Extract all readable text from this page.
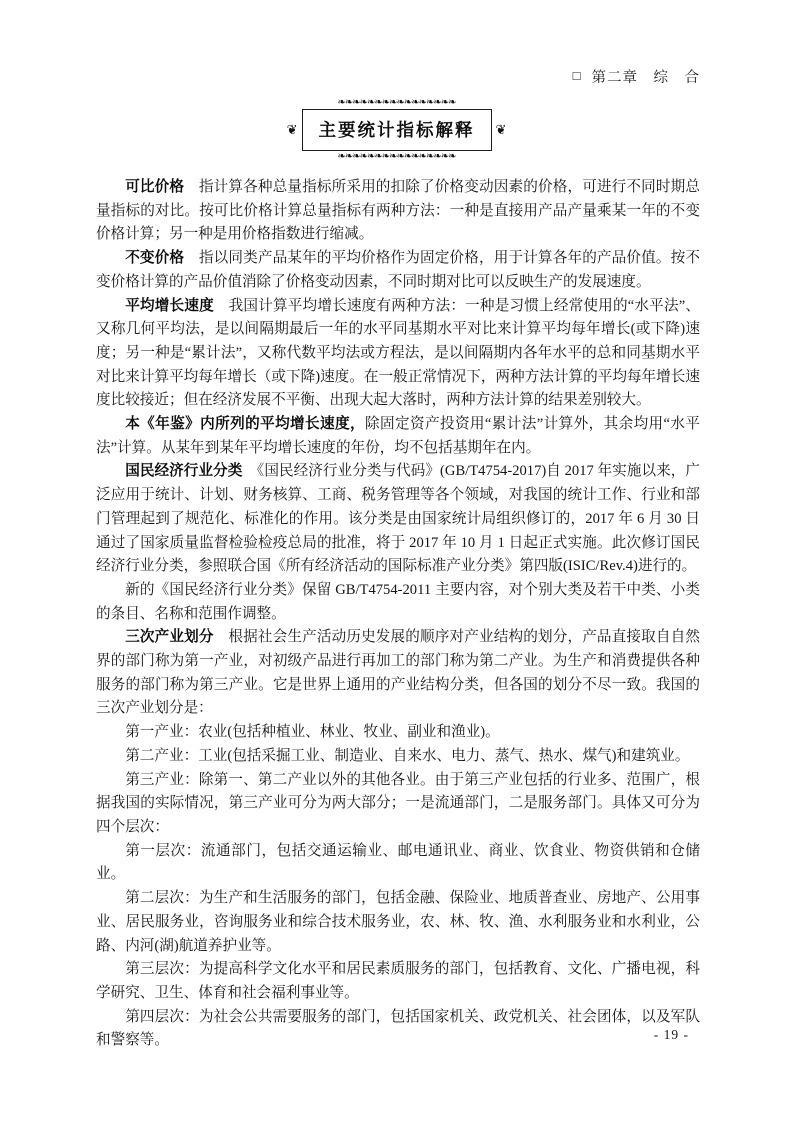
□ 第二章　综　合
❧❧❧❧❧❧❧❧❧❧❧❧❧❧❧❧
❦	主要统计指标解释	❦
❧❧❧❧❧❧❧❧❧❧❧❧❧❧❧❧

可比价格　指计算各种总量指标所采用的扣除了价格变动因素的价格，可进行不同时期总量指标的对比。按可比价格计算总量指标有两种方法：一种是直接用产品产量乘某一年的不变价格计算；另一种是用价格指数进行缩减。

不变价格　指以同类产品某年的平均价格作为固定价格，用于计算各年的产品价值。按不变价格计算的产品价值消除了价格变动因素，不同时期对比可以反映生产的发展速度。

平均增长速度　我国计算平均增长速度有两种方法：一种是习惯上经常使用的“水平法”、又称几何平均法，是以间隔期最后一年的水平同基期水平对比来计算平均每年增长(或下降)速度；另一种是“累计法”，又称代数平均法或方程法，是以间隔期内各年水平的总和同基期水平对比来计算平均每年增长（或下降)速度。在一般正常情况下，两种方法计算的平均每年增长速度比较接近；但在经济发展不平衡、出现大起大落时，两种方法计算的结果差别较大。

本《年鉴》内所列的平均增长速度，除固定资产投资用“累计法”计算外，其余均用“水平法”计算。从某年到某年平均增长速度的年份，均不包括基期年在内。

国民经济行业分类　《国民经济行业分类与代码》(GB/T4754-2017)自 2017 年实施以来，广泛应用于统计、计划、财务核算、工商、税务管理等各个领域，对我国的统计工作、行业和部门管理起到了规范化、标准化的作用。该分类是由国家统计局组织修订的，2017 年 6 月 30 日通过了国家质量监督检验检疫总局的批准，将于 2017 年 10 月 1 日起正式实施。此次修订国民经济行业分类，参照联合国《所有经济活动的国际标准产业分类》第四版(ISIC/Rev.4)进行的。

新的《国民经济行业分类》保留 GB/T4754-2011 主要内容，对个别大类及若干中类、小类的条目、名称和范围作调整。

三次产业划分　根据社会生产活动历史发展的顺序对产业结构的划分，产品直接取自自然界的部门称为第一产业，对初级产品进行再加工的部门称为第二产业。为生产和消费提供各种服务的部门称为第三产业。它是世界上通用的产业结构分类，但各国的划分不尽一致。我国的三次产业划分是：

第一产业：农业(包括种植业、林业、牧业、副业和渔业)。

第二产业：工业(包括采掘工业、制造业、自来水、电力、蒸气、热水、煤气)和建筑业。

第三产业：除第一、第二产业以外的其他各业。由于第三产业包括的行业多、范围广，根据我国的实际情况，第三产业可分为两大部分；一是流通部门，二是服务部门。具体又可分为四个层次：

第一层次：流通部门，包括交通运输业、邮电通讯业、商业、饮食业、物资供销和仓储业。

第二层次：为生产和生活服务的部门，包括金融、保险业、地质普查业、房地产、公用事业、居民服务业，咨询服务业和综合技术服务业，农、林、牧、渔、水利服务业和水利业，公路、内河(湖)航道养护业等。

第三层次：为提高科学文化水平和居民素质服务的部门，包括教育、文化、广播电视，科学研究、卫生、体育和社会福利事业等。

第四层次：为社会公共需要服务的部门，包括国家机关、政党机关、社会团体，以及军队和警察等。	- 19 -
